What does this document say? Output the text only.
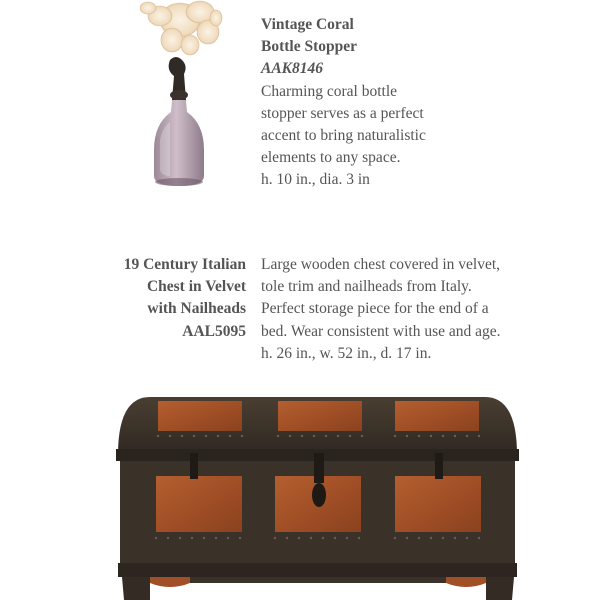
Vintage Coral
Bottle Stopper
AAK8146
Charming coral bottle
stopper serves as a perfect
accent to bring naturalistic
elements to any space.
h. 10 in., dia. 3 in
19 Century Italian
Chest in Velvet
with Nailheads
AAL5095
Large wooden chest covered in velvet,
tole trim and nailheads from Italy.
Perfect storage piece for the end of a
bed. Wear consistent with use and age.
h. 26 in., w. 52 in., d. 17 in.
